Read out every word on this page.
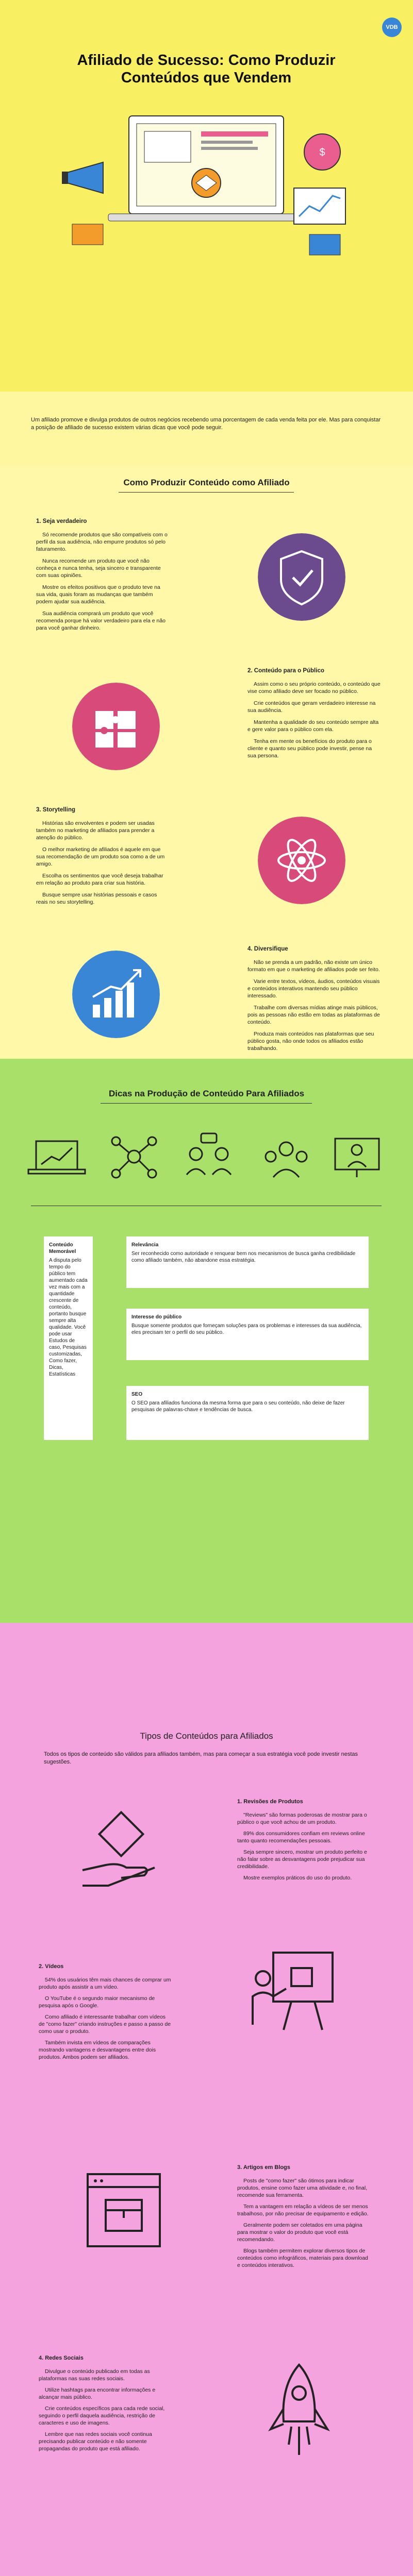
VDB
Afiliado de Sucesso: Como Produzir Conteúdos que Vendem
$

Um afiliado promove e divulga produtos de outros negócios recebendo uma porcentagem de cada venda feita por ele. Mas para conquistar a posição de afiliado de sucesso existem várias dicas que você pode seguir.

Como Produzir Conteúdo como Afiliado
1. Seja verdadeiro

Só recomende produtos que são compatíveis com o perfil da sua audiência, não empurre produtos só pelo faturamento.

Nunca recomende um produto que você não conheça e nunca tenha, seja sincero e transparente com suas opiniões.

Mostre os efeitos positivos que o produto teve na sua vida, quais foram as mudanças que também podem ajudar sua audiência.

Sua audiência comprará um produto que você recomenda porque há valor verdadeiro para ela e não para você ganhar dinheiro.

2. Conteúdo para o Público

Assim como o seu próprio conteúdo, o conteúdo que vise como afiliado deve ser focado no público.

Crie conteúdos que geram verdadeiro interesse na sua audiência.

Mantenha a qualidade do seu conteúdo sempre alta e gere valor para o público com ela.

Tenha em mente os benefícios do produto para o cliente e quanto seu público pode investir, pense na sua persona.

3. Storytelling

Histórias são envolventes e podem ser usadas também no marketing de afiliados para prender a atenção do público.

O melhor marketing de afiliados é aquele em que sua recomendação de um produto soa como a de um amigo.

Escolha os sentimentos que você deseja trabalhar em relação ao produto para criar sua história.

Busque sempre usar histórias pessoais e casos reais no seu storytelling.

4. Diversifique

Não se prenda a um padrão, não existe um único formato em que o marketing de afiliados pode ser feito.

Varie entre textos, vídeos, áudios, conteúdos visuais e conteúdos interativos mantendo seu público interessado.

Trabalhe com diversas mídias atinge mais públicos, pois as pessoas não estão em todas as plataformas de conteúdo.

Produza mais conteúdos nas plataformas que seu público gosta, não onde todos os afiliados estão trabalhando.

Dicas na Produção de Conteúdo Para Afiliados
Conteúdo Memorável
A disputa pelo tempo do público tem aumentado cada vez mais com a quantidade crescente de conteúdo, portanto busque sempre alta qualidade. Você pode usar Estudos de caso, Pesquisas customizadas, Como fazer, Dicas, Estatísticas
Relevância
Ser reconhecido como autoridade e renquear bem nos mecanismos de busca ganha credibilidade como afiliado também, não abandone essa estratégia.
Interesse do público
Busque somente produtos que forneçam soluções para os problemas e interesses da sua audiência, eles precisam ter o perfil do seu público.
SEO
O SEO para afiliados funciona da mesma forma que para o seu conteúdo, não deixe de fazer pesquisas de palavras-chave e tendências de busca.
Tipos de Conteúdos para Afiliados

Todos os tipos de conteúdo são válidos para afiliados também, mas para começar a sua estratégia você pode investir nestas sugestões.

1. Revisões de Produtos

"Reviews" são formas poderosas de mostrar para o público o que você achou de um produto.

89% dos consumidores confiam em reviews online tanto quanto recomendações pessoais.

Seja sempre sincero, mostrar um produto perfeito e não falar sobre as desvantagens pode prejudicar sua credibilidade.

Mostre exemplos práticos do uso do produto.

2. Vídeos

54% dos usuários têm mais chances de comprar um produto após assistir a um vídeo.

O YouTube é o segundo maior mecanismo de pesquisa após o Google.

Como afiliado é interessante trabalhar com vídeos de "como fazer" criando instruções e passo a passo de como usar o produto.

Também invista em vídeos de comparações mostrando vantagens e desvantagens entre dois produtos. Ambos podem ser afiliados.

3. Artigos em Blogs

Posts de "como fazer" são ótimos para indicar produtos, ensine como fazer uma atividade e, no final, recomende sua ferramenta.

Tem a vantagem em relação a vídeos de ser menos trabalhoso, por não precisar de equipamento e edição.

Geralmente podem ser coletados em uma página para mostrar o valor do produto que você está recomendando.

Blogs também permitem explorar diversos tipos de conteúdos como infográficos, materiais para download e conteúdos interativos.

4. Redes Sociais

Divulgue o conteúdo publicado em todas as plataformas nas suas redes sociais.

Utilize hashtags para encontrar informações e alcançar mais público.

Crie conteúdos específicos para cada rede social, seguindo o perfil daquela audiência, restrição de caracteres e uso de imagens.

Lembre que nas redes sociais você continua precisando publicar conteúdo e não somente propagandas do produto que está afiliado.
